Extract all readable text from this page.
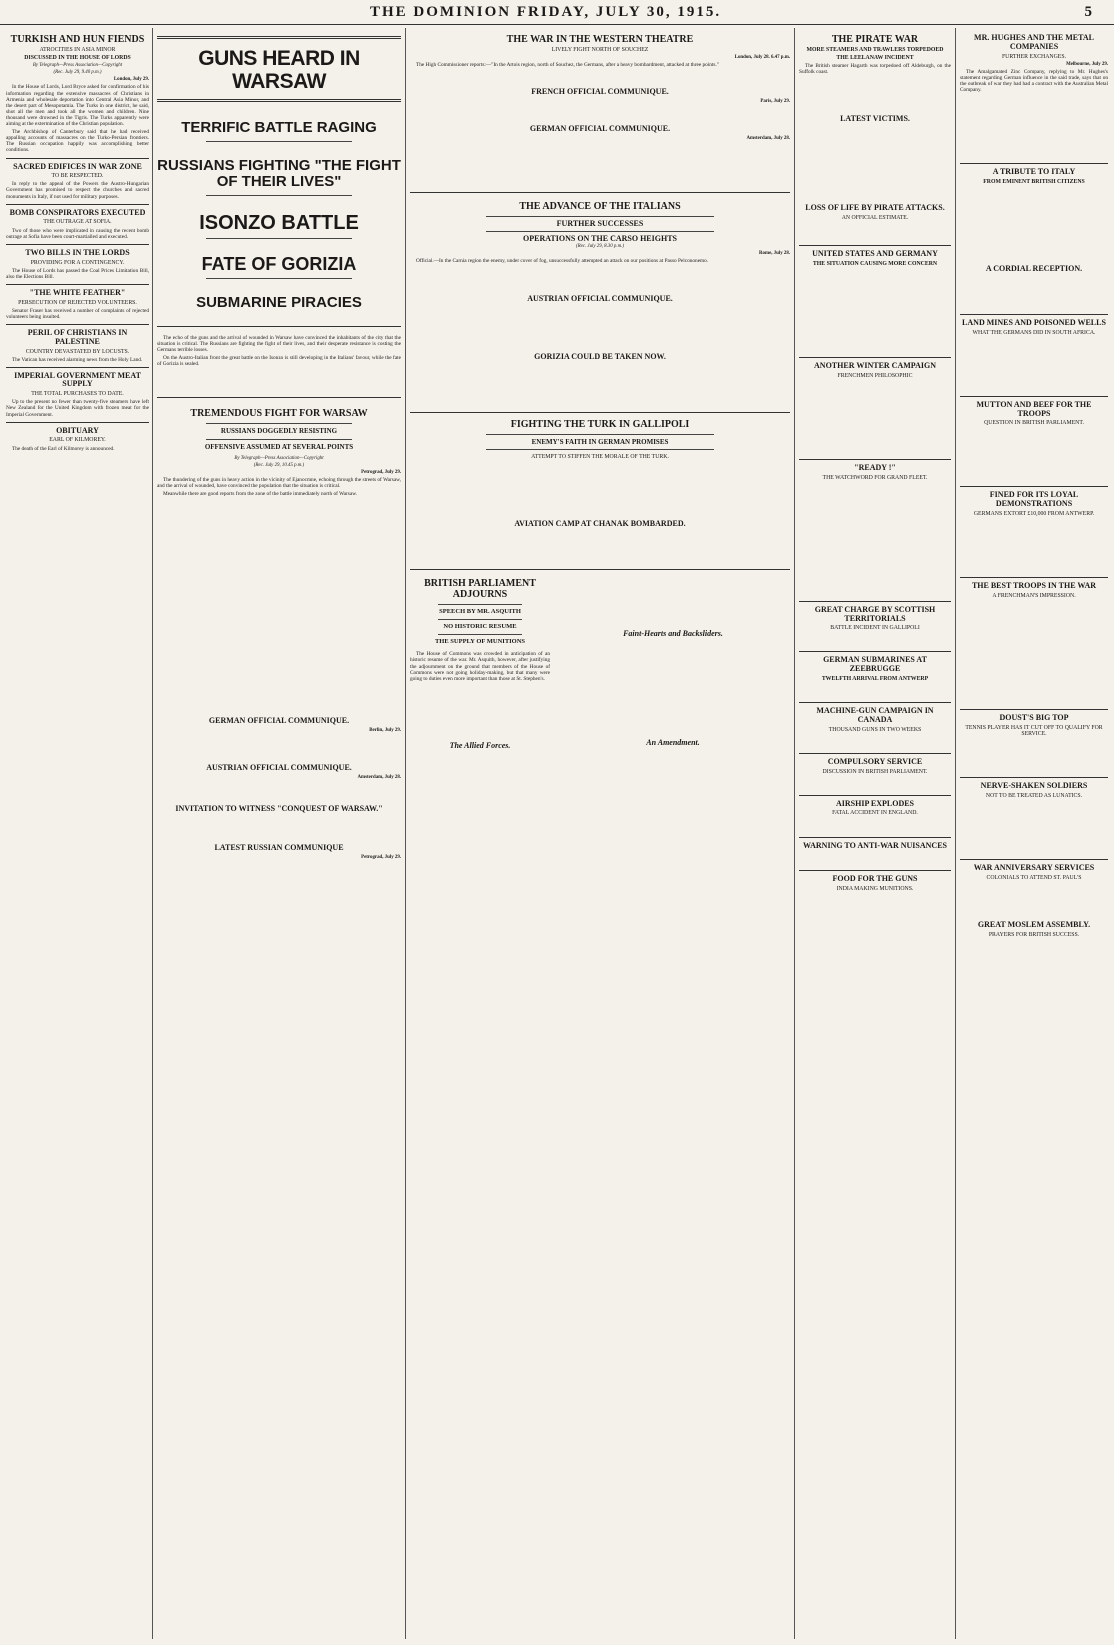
THE DOMINION FRIDAY, JULY 30, 1915.	5
TURKISH AND HUN FIENDS
ATROCITIES IN ASIA MINOR
DISCUSSED IN THE HOUSE OF LORDS
By Telegraph—Press Association—Copyright
(Rec. July 29, 9.40 p.m.)
London, July 29.

In the House of Lords, Lord Bryce asked for confirmation of his information regarding the extensive massacres of Christians in Armenia and wholesale deportation into Central Asia Minor, and the desert part of Mesopotamia. The Turks in one district, he said, shot all the men and took all the women and children. Nine thousand were drowned in the Tigris. The Turks apparently were aiming at the extermination of the Christian population.

The Archbishop of Canterbury said that he had received appalling accounts of massacres on the Turko-Persian frontiers. The Russian occupation happily was accomplishing better conditions.

SACRED EDIFICES IN WAR ZONE
TO BE RESPECTED.

In reply to the appeal of the Powers the Austro-Hungarian Government has promised to respect the churches and sacred monuments in Italy, if not used for military purposes.

BOMB CONSPIRATORS EXECUTED
THE OUTRAGE AT SOFIA.

Two of those who were implicated in causing the recent bomb outrage at Sofia have been court-martialled and executed.

TWO BILLS IN THE LORDS
PROVIDING FOR A CONTINGENCY.

The House of Lords has passed the Coal Prices Limitation Bill, also the Elections Bill.

"THE WHITE FEATHER"
PERSECUTION OF REJECTED VOLUNTEERS.

Senator Fraser has received a number of complaints of rejected volunteers being insulted.

PERIL OF CHRISTIANS IN PALESTINE
COUNTRY DEVASTATED BY LOCUSTS.

The Vatican has received alarming news from the Holy Land.

IMPERIAL GOVERNMENT MEAT SUPPLY
THE TOTAL PURCHASES TO DATE.

Up to the present no fewer than twenty-five steamers have left New Zealand for the United Kingdom with frozen meat for the Imperial Government.

OBITUARY
EARL OF KILMOREY.

The death of the Earl of Kilmorey is announced.

GUNS HEARD IN WARSAW
TERRIFIC BATTLE RAGING
RUSSIANS FIGHTING "THE FIGHT OF THEIR LIVES"
ISONZO BATTLE
FATE OF GORIZIA
SUBMARINE PIRACIES

The echo of the guns and the arrival of wounded in Warsaw have convinced the inhabitants of the city that the situation is critical. The Russians are fighting the fight of their lives, and their desperate resistance is costing the Germans terrible losses.

On the Austro-Italian front the great battle on the Isonzo is still developing in the Italians' favour, while the fate of Gorizia is sealed.

TREMENDOUS FIGHT FOR WARSAW
RUSSIANS DOGGEDLY RESISTING
OFFENSIVE ASSUMED AT SEVERAL POINTS
By Telegraph—Press Association—Copyright
(Rec. July 29, 10.45 p.m.)
Petrograd, July 29.

The thundering of the guns in heavy action in the vicinity of Ejanocmne, echoing through the streets of Warsaw, and the arrival of wounded, have convinced the population that the situation is critical.

Meanwhile there are good reports from the zone of the battle immediately north of Warsaw.

GERMAN OFFICIAL COMMUNIQUE.
Berlin, July 29.
AUSTRIAN OFFICIAL COMMUNIQUE.
Amsterdam, July 28.
INVITATION TO WITNESS "CONQUEST OF WARSAW."
LATEST RUSSIAN COMMUNIQUE
Petrograd, July 29.
THE WAR IN THE WESTERN THEATRE
LIVELY FIGHT NORTH OF SOUCHEZ
London, July 28. 6.47 p.m.

The High Commissioner reports:—"In the Artois region, north of Souchez, the Germans, after a heavy bombardment, attacked at three points."

FRENCH OFFICIAL COMMUNIQUE.
Paris, July 29.
GERMAN OFFICIAL COMMUNIQUE.
Amsterdam, July 28.
THE ADVANCE OF THE ITALIANS
FURTHER SUCCESSES
OPERATIONS ON THE CARSO HEIGHTS
(Rec. July 29, 8.30 p.m.)
Rome, July 28.

Official.—In the Carnia region the enemy, under cover of fog, unsuccessfully attempted an attack on our positions at Passo Pelcononemo.

AUSTRIAN OFFICIAL COMMUNIQUE.
GORIZIA COULD BE TAKEN NOW.
FIGHTING THE TURK IN GALLIPOLI
ENEMY'S FAITH IN GERMAN PROMISES
ATTEMPT TO STIFFEN THE MORALE OF THE TURK.
AVIATION CAMP AT CHANAK BOMBARDED.
BRITISH PARLIAMENT ADJOURNS
SPEECH BY MR. ASQUITH
NO HISTORIC RESUME
THE SUPPLY OF MUNITIONS

The House of Commons was crowded in anticipation of an historic resume of the war. Mr. Asquith, however, after justifying the adjournment on the ground that members of the House of Commons were not going holiday-making, but that many were going to duties even more important than those at St. Stephen's.

The Allied Forces.
Faint-Hearts and Backsliders.
An Amendment.
THE PIRATE WAR
MORE STEAMERS AND TRAWLERS TORPEDOED
THE LEELANAW INCIDENT

The British steamer Hagarth was torpedoed off Aldeburgh, on the Suffolk coast.

LATEST VICTIMS.
LOSS OF LIFE BY PIRATE ATTACKS.
AN OFFICIAL ESTIMATE.
UNITED STATES AND GERMANY
THE SITUATION CAUSING MORE CONCERN
ANOTHER WINTER CAMPAIGN
FRENCHMEN PHILOSOPHIC
"READY !"
THE WATCHWORD FOR GRAND FLEET.
GREAT CHARGE BY SCOTTISH TERRITORIALS
BATTLE INCIDENT IN GALLIPOLI
GERMAN SUBMARINES AT ZEEBRUGGE
TWELFTH ARRIVAL FROM ANTWERP
MACHINE-GUN CAMPAIGN IN CANADA
THOUSAND GUNS IN TWO WEEKS
COMPULSORY SERVICE
DISCUSSION IN BRITISH PARLIAMENT.
AIRSHIP EXPLODES
FATAL ACCIDENT IN ENGLAND.
WARNING TO ANTI-WAR NUISANCES
FOOD FOR THE GUNS
INDIA MAKING MUNITIONS.
MR. HUGHES AND THE METAL COMPANIES
FURTHER EXCHANGES.
Melbourne, July 29.

The Amalgamated Zinc Company, replying to Mr. Hughes's statement regarding German influence in the said trade, says that on the outbreak of war they had had a contract with the Australian Metal Company.

A TRIBUTE TO ITALY
FROM EMINENT BRITISH CITIZENS
A CORDIAL RECEPTION.
LAND MINES AND POISONED WELLS
WHAT THE GERMANS DID IN SOUTH AFRICA.
MUTTON AND BEEF FOR THE TROOPS
QUESTION IN BRITISH PARLIAMENT.
FINED FOR ITS LOYAL DEMONSTRATIONS
GERMANS EXTORT £10,000 FROM ANTWERP.
THE BEST TROOPS IN THE WAR
A FRENCHMAN'S IMPRESSION.
DOUST'S BIG TOP
TENNIS PLAYER HAS IT CUT OFF TO QUALIFY FOR SERVICE.
NERVE-SHAKEN SOLDIERS
NOT TO BE TREATED AS LUNATICS.
WAR ANNIVERSARY SERVICES
COLONIALS TO ATTEND ST. PAUL'S
GREAT MOSLEM ASSEMBLY.
PRAYERS FOR BRITISH SUCCESS.
